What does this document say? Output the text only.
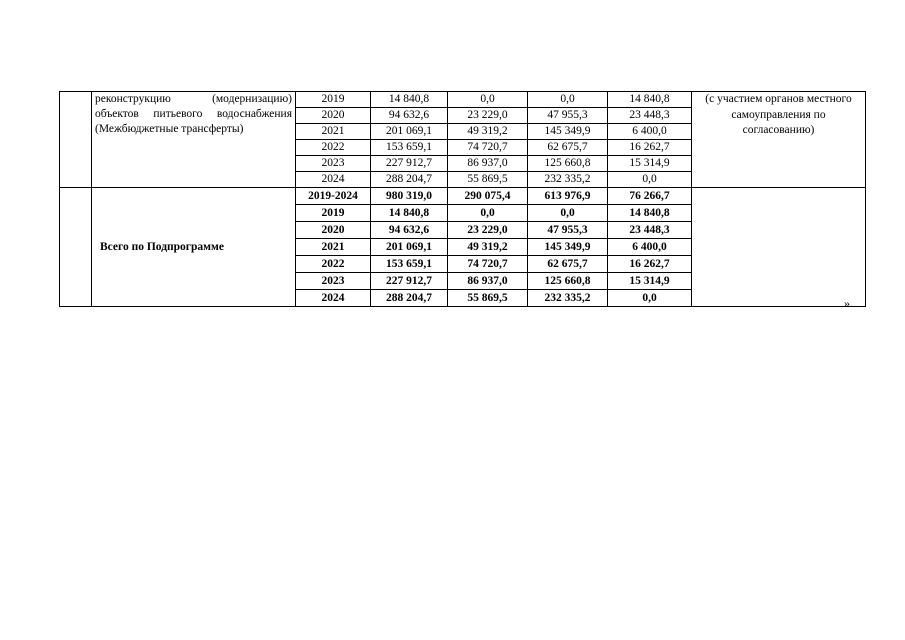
	реконструкцию (модернизацию) объектов питьевого водоснабжения (Межбюджетные трансферты)	2019	14 840,8	0,0	0,0	14 840,8	(с участием органов местного самоуправления по согласованию)
		2020	94 632,6	23 229,0	47 955,3	23 448,3	
		2021	201 069,1	49 319,2	145 349,9	6 400,0	
		2022	153 659,1	74 720,7	62 675,7	16 262,7	
		2023	227 912,7	86 937,0	125 660,8	15 314,9	
		2024	288 204,7	55 869,5	232 335,2	0,0	
	Всего по Подпрограмме	2019-2024	980 319,0	290 075,4	613 976,9	76 266,7	
		2019	14 840,8	0,0	0,0	14 840,8	
		2020	94 632,6	23 229,0	47 955,3	23 448,3	
		2021	201 069,1	49 319,2	145 349,9	6 400,0	
		2022	153 659,1	74 720,7	62 675,7	16 262,7	
		2023	227 912,7	86 937,0	125 660,8	15 314,9	
		2024	288 204,7	55 869,5	232 335,2	0,0		».
